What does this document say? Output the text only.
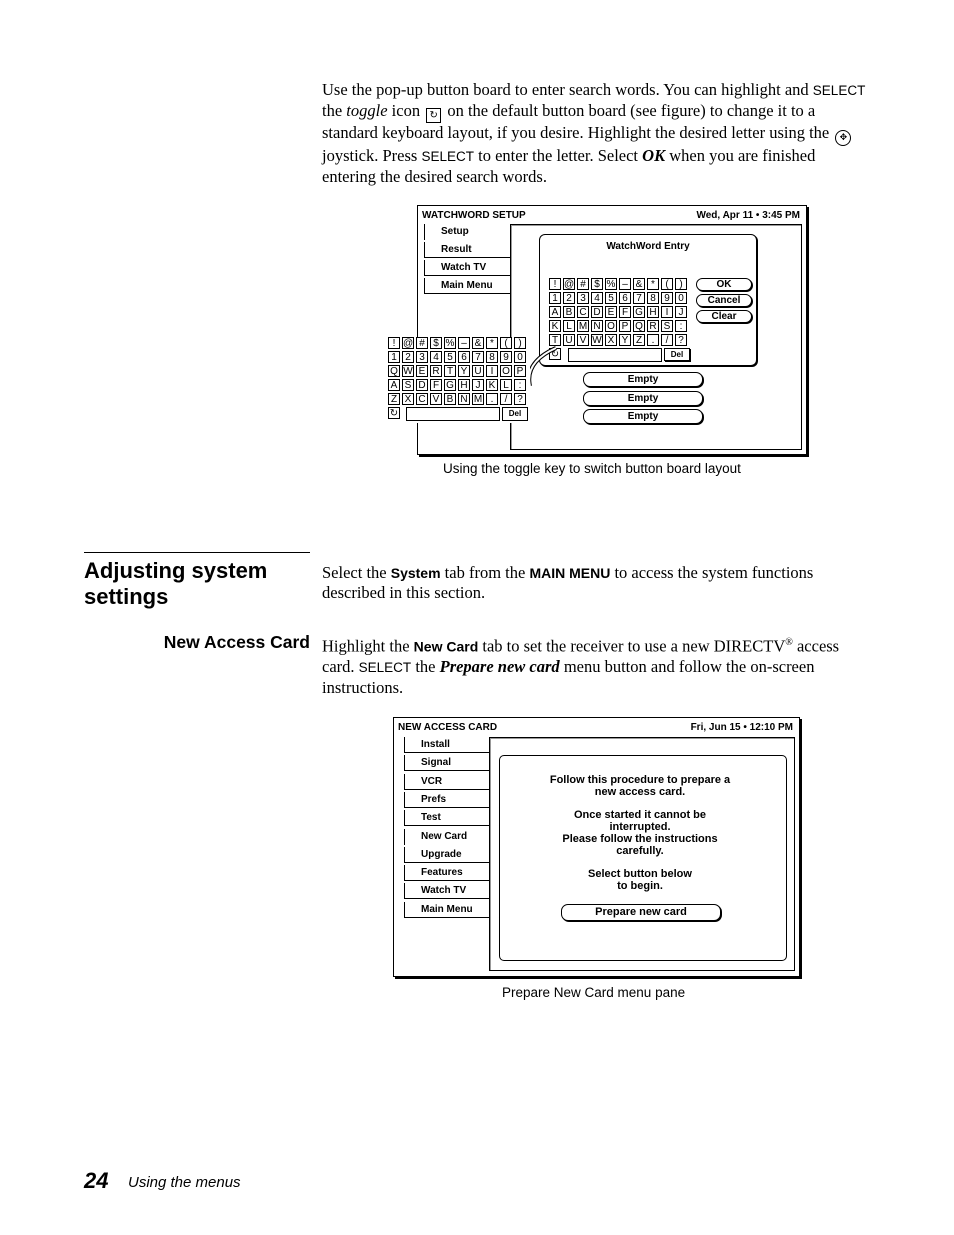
Use the pop-up button board to enter search words. You can highlight and SELECT the toggle icon ↻ on the default button board (see figure) to change it to a standard keyboard layout, if you desire. Highlight the desired letter using the ✥ joystick. Press SELECT to enter the letter. Select OK when you are finished entering the desired search words.
WATCHWORD SETUP	Wed, Apr 11 • 3:45 PM
Setup
Result
Watch TV
Main Menu
WatchWord Entry
! @ # $ % – & *	(	)
1 2 3 4 5 6 7 8 9 0
A B C D E F G H I	J
K L M N O P Q R S :
T U V W X Y Z .	/ ?
↻	Del
OK
Cancel
Clear
Empty
Empty
Empty
! @ # $ % – & *	(	)
1 2 3 4 5 6 7 8 9 0
Q W E R T Y U I O P
A S D F G H J K L :
Z X C V B N M .	/ ?
↻	Del
Using the toggle key to switch button board layout
Adjusting system settings
Select the System tab from the MAIN MENU to access the system functions described in this section.
New Access Card Highlight the New Card tab to set the receiver to use a new DIRECTV® access card. SELECT the Prepare new card menu button and follow the on-screen instructions.
NEW ACCESS CARD	Fri, Jun 15 • 12:10 PM
Follow this procedure to prepare a
new access card.
Once started it cannot be
interrupted.
Please follow the instructions
carefully.
Select button below
to begin.
Prepare new card
Install
Signal
VCR
Prefs
Test
New Card
Upgrade
Features
Watch TV
Main Menu
Prepare New Card menu pane
24 Using the menus
